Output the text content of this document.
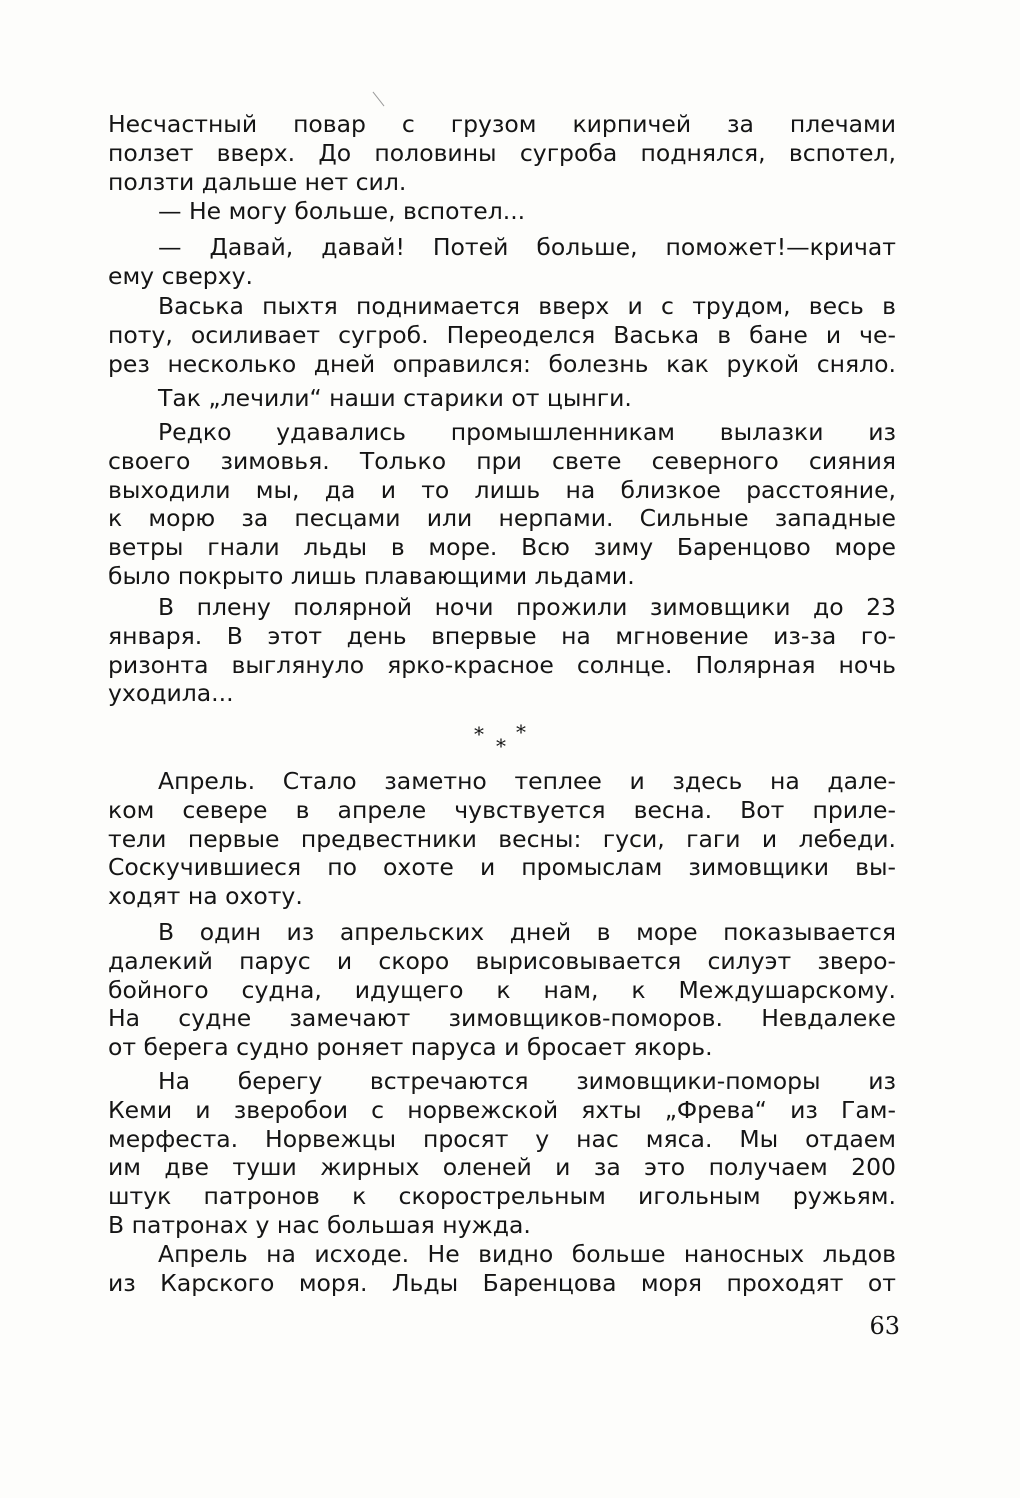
Несчастный повар с грузом кирпичей за плечами
ползет вверх. До половины сугроба поднялся, вспотел,
ползти дальше нет сил.
— Не могу больше, вспотел...
— Давай, давай! Потей больше, поможет!—кричат
ему сверху.
Васька пыхтя поднимается вверх и с трудом, весь в
поту, осиливает сугроб. Переоделся Васька в бане и че-
рез несколько дней оправился: болезнь как рукой сняло.
Так „лечили“ наши старики от цынги.
Редко удавались промышленникам вылазки из
своего зимовья. Только при свете северного сияния
выходили мы, да и то лишь на близкое расстояние,
к морю за песцами или нерпами. Сильные западные
ветры гнали льды в море. Всю зиму Баренцово море
было покрыто лишь плавающими льдами.
В плену полярной ночи прожили зимовщики до 23
января. В этот день впервые на мгновение из-за го-
ризонта выглянуло ярко-красное солнце. Полярная ночь
уходила...
* *
*
Апрель. Стало заметно теплее и здесь на дале-
ком севере в апреле чувствуется весна. Вот приле-
тели первые предвестники весны: гуси, гаги и лебеди.
Соскучившиеся по охоте и промыслам зимовщики вы-
ходят на охоту.
В один из апрельских дней в море показывается
далекий парус и скоро вырисовывается силуэт зверо-
бойного судна, идущего к нам, к Междушарскому.
На судне замечают зимовщиков-поморов. Невдалеке
от берега судно роняет паруса и бросает якорь.
На берегу встречаются зимовщики-поморы из
Кеми и зверобои с норвежской яхты „Фрева“ из Гам-
мерфеста. Норвежцы просят у нас мяса. Мы отдаем
им две туши жирных оленей и за это получаем 200
штук патронов к скорострельным игольным ружьям.
В патронах у нас большая нужда.
Апрель на исходе. Не видно больше наносных льдов
из Карского моря. Льды Баренцова моря проходят от
63
